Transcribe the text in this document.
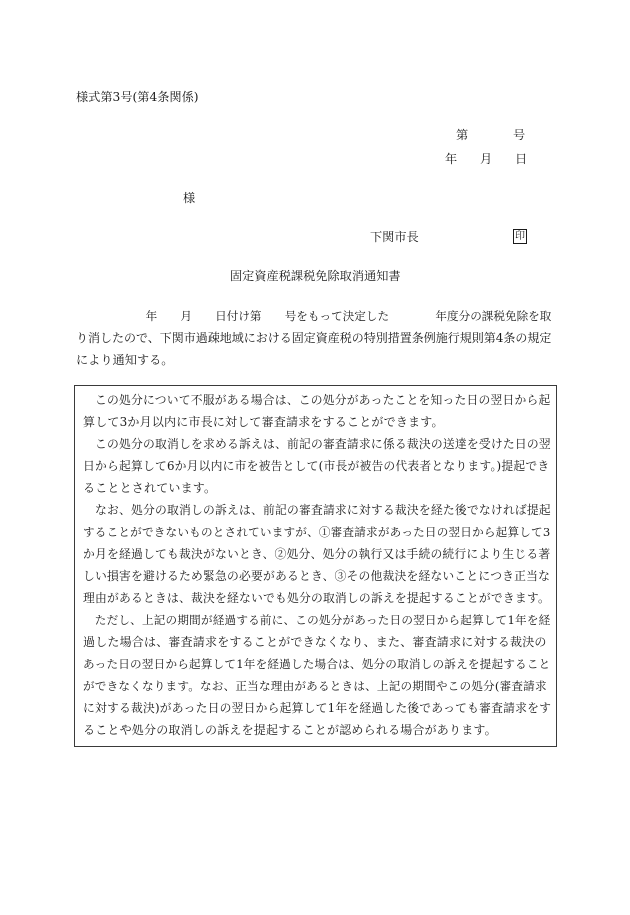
様式第3号(第4条関係)
第	号
年 月 日
様
下関市長	印
固定資産税課税免除取消通知書
　　　　　　年　　月　　日付け第　　号をもって決定した　　　　年度分の課税免除を取
り消したので、下関市過疎地域における固定資産税の特別措置条例施行規則第4条の規定
により通知する。
　この処分について不服がある場合は、この処分があったことを知った日の翌日から起
算して3か月以内に市長に対して審査請求をすることができます。
　この処分の取消しを求める訴えは、前記の審査請求に係る裁決の送達を受けた日の翌
日から起算して6か月以内に市を被告として(市長が被告の代表者となります。)提起でき
ることとされています。
　なお、処分の取消しの訴えは、前記の審査請求に対する裁決を経た後でなければ提起
することができないものとされていますが、①審査請求があった日の翌日から起算して3
か月を経過しても裁決がないとき、②処分、処分の執行又は手続の続行により生じる著
しい損害を避けるため緊急の必要があるとき、③その他裁決を経ないことにつき正当な
理由があるときは、裁決を経ないでも処分の取消しの訴えを提起することができます。
　ただし、上記の期間が経過する前に、この処分があった日の翌日から起算して1年を経
過した場合は、審査請求をすることができなくなり、また、審査請求に対する裁決の
あった日の翌日から起算して1年を経過した場合は、処分の取消しの訴えを提起すること
ができなくなります。なお、正当な理由があるときは、上記の期間やこの処分(審査請求
に対する裁決)があった日の翌日から起算して1年を経過した後であっても審査請求をす
ることや処分の取消しの訴えを提起することが認められる場合があります。
